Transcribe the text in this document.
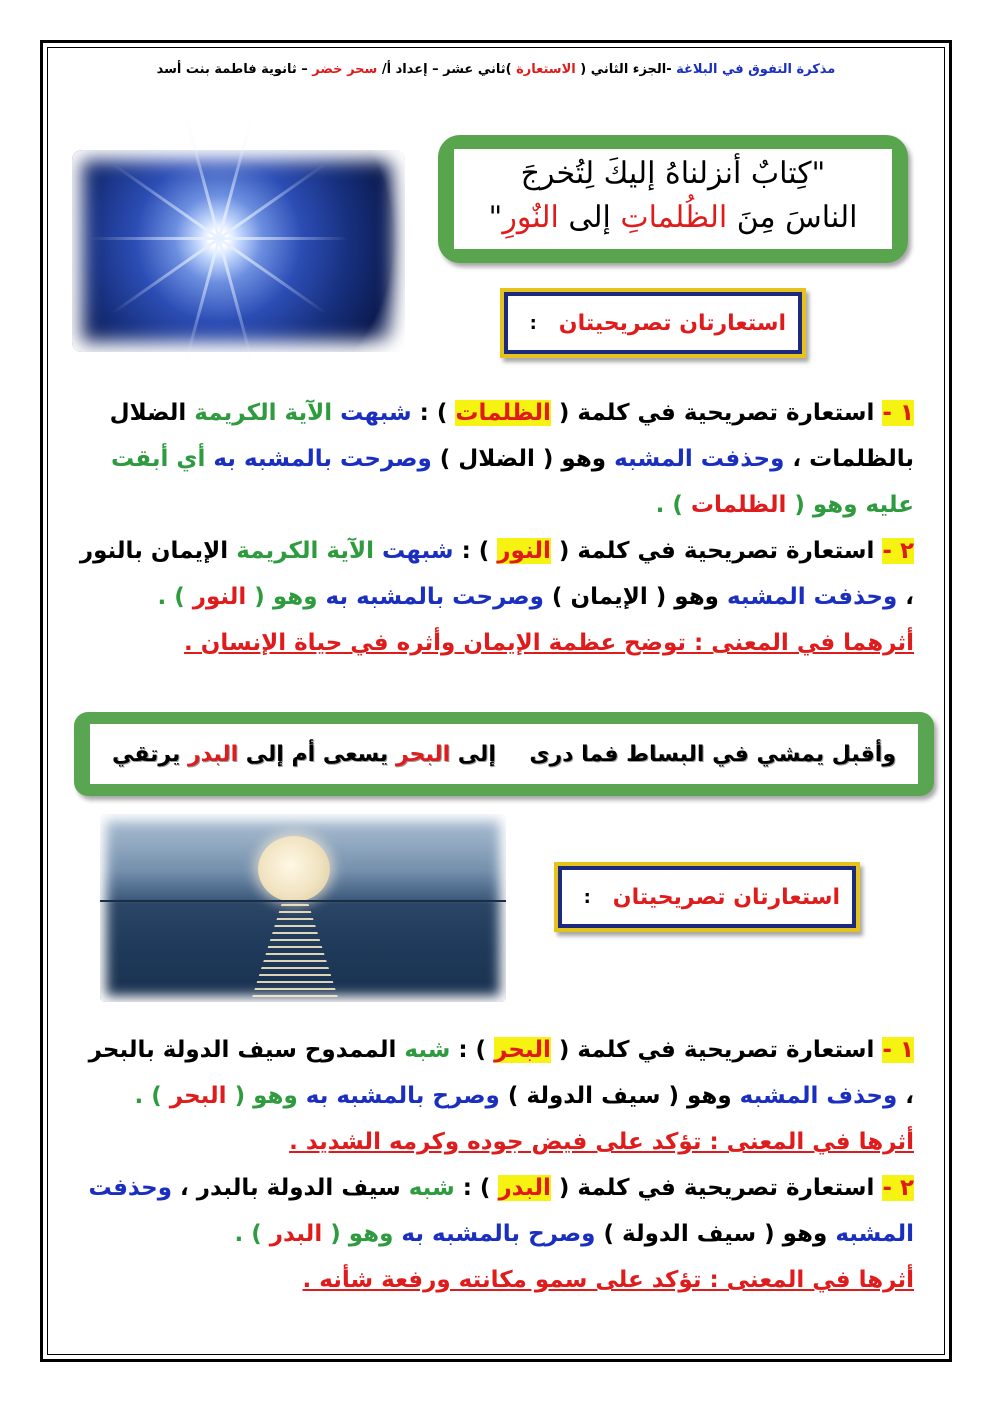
مذكرة التفوق في البلاغة -الجزء الثاني ( الاستعارة )ثاني عشر – إعداد أ/ سحر خضر – ثانوية فاطمة بنت أسد
"كِتابٌ أنزلناهُ إليكَ لِتُخرجَ
الناسَ مِنَ الظُلماتِ إلى النٌورِ"
استعارتان تصريحيتان
:
١ - استعارة تصريحية في كلمة ( الظلمات ) : شبهت الآية الكريمة الضلال
بالظلمات ، وحذفت المشبه وهو ( الضلال ) وصرحت بالمشبه به أي أبقت
عليه وهو ( الظلمات ) .
٢ - استعارة تصريحية في كلمة ( النور ) : شبهت الآية الكريمة الإيمان بالنور
، وحذفت المشبه وهو ( الإيمان ) وصرحت بالمشبه به وهو ( النور ) .
أثرهما في المعنى : توضح عظمة الإيمان وأثره في حياة الإنسان .
وأقبل يمشي في البساط فما درى
إلى البحر يسعى أم إلى البدر يرتقي
استعارتان تصريحيتان
:
١ - استعارة تصريحية في كلمة ( البحر ) : شبه الممدوح سيف الدولة بالبحر
، وحذف المشبه وهو ( سيف الدولة ) وصرح بالمشبه به وهو ( البحر ) .
أثرها في المعنى : تؤكد على فيض جوده وكرمه الشديد .
٢ - استعارة تصريحية في كلمة ( البدر ) : شبه سيف الدولة بالبدر ، وحذفت
المشبه وهو ( سيف الدولة ) وصرح بالمشبه به وهو ( البدر ) .
أثرها في المعنى : تؤكد على سمو مكانته ورفعة شأنه .
